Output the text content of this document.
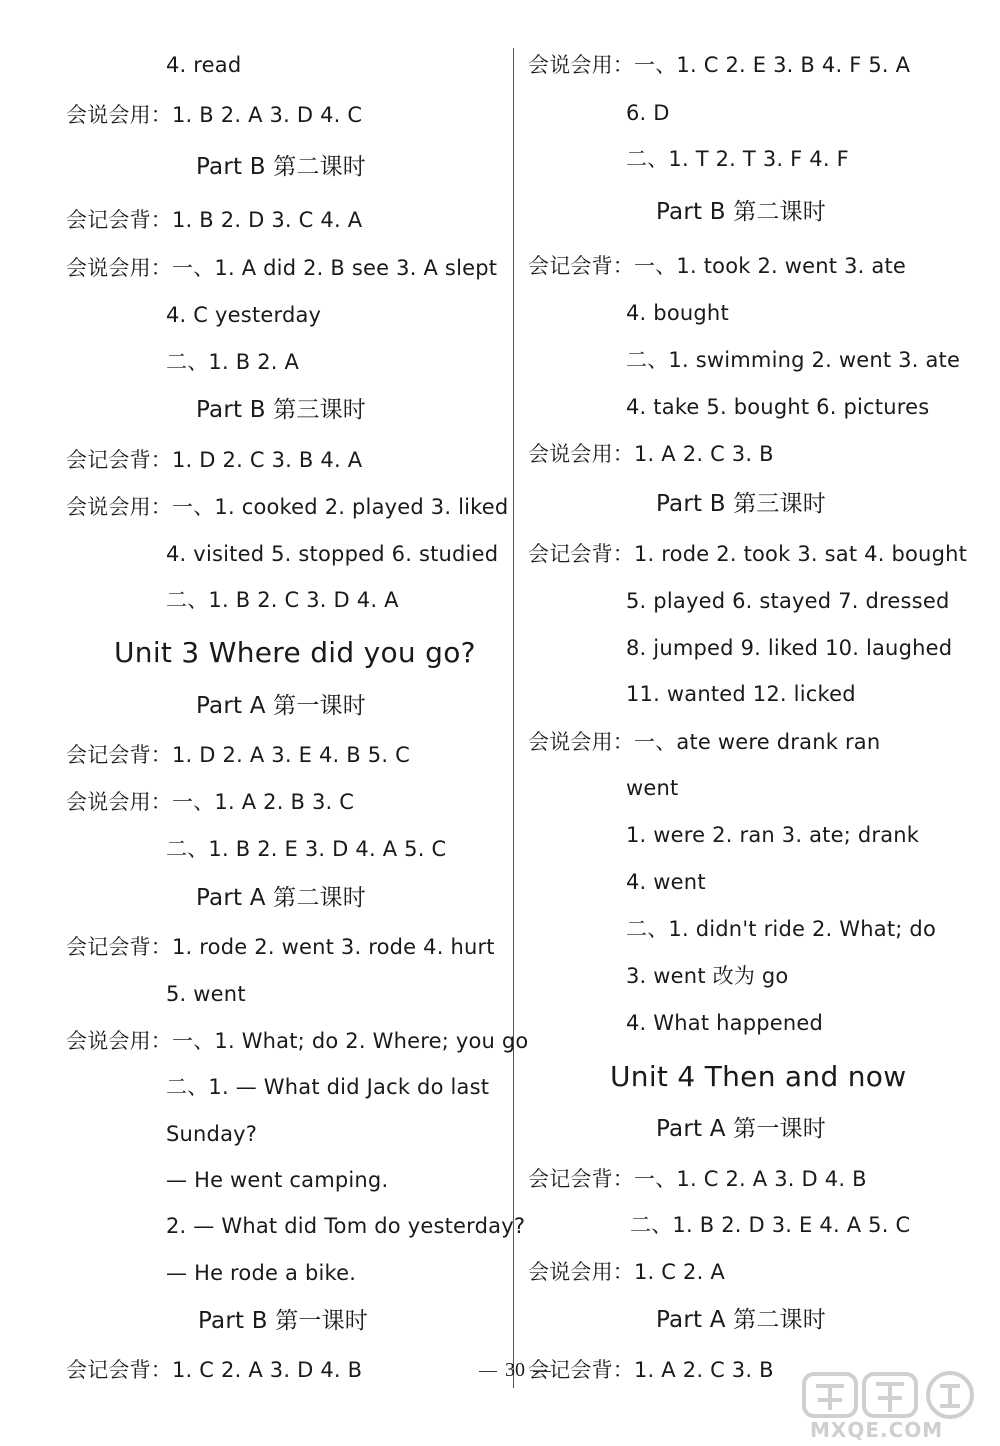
4. read
会说会用：1. B 2. A 3. D 4. C
Part B 第二课时
会记会背：1. B 2. D 3. C 4. A
会说会用：一、1. A did 2. B see 3. A slept
4. C yesterday
二、1. B 2. A
Part B 第三课时
会记会背：1. D 2. C 3. B 4. A
会说会用：一、1. cooked 2. played 3. liked
4. visited 5. stopped 6. studied
二、1. B 2. C 3. D 4. A
Unit 3 Where did you go?
Part A 第一课时
会记会背：1. D 2. A 3. E 4. B 5. C
会说会用：一、1. A 2. B 3. C
二、1. B 2. E 3. D 4. A 5. C
Part A 第二课时
会记会背：1. rode 2. went 3. rode 4. hurt
5. went
会说会用：一、1. What; do 2. Where; you go
二、1. — What did Jack do last
Sunday?
— He went camping.
2. — What did Tom do yesterday?
— He rode a bike.
Part B 第一课时
会记会背：1. C 2. A 3. D 4. B
会说会用：一、1. C 2. E 3. B 4. F 5. A
6. D
二、1. T 2. T 3. F 4. F
Part B 第二课时
会记会背：一、1. took 2. went 3. ate
4. bought
二、1. swimming 2. went 3. ate
4. take 5. bought 6. pictures
会说会用：1. A 2. C 3. B
Part B 第三课时
会记会背：1. rode 2. took 3. sat 4. bought
5. played 6. stayed 7. dressed
8. jumped 9. liked 10. laughed
11. wanted 12. licked
会说会用：一、ate were drank ran
went
1. were 2. ran 3. ate; drank
4. went
二、1. didn't ride 2. What; do
3. went 改为 go
4. What happened
Unit 4 Then and now
Part A 第一课时
会记会背：一、1. C 2. A 3. D 4. B
二、1. B 2. D 3. E 4. A 5. C
会说会用：1. C 2. A
Part A 第二课时
会记会背：1. A 2. C 3. B
30
MXQE.COM
